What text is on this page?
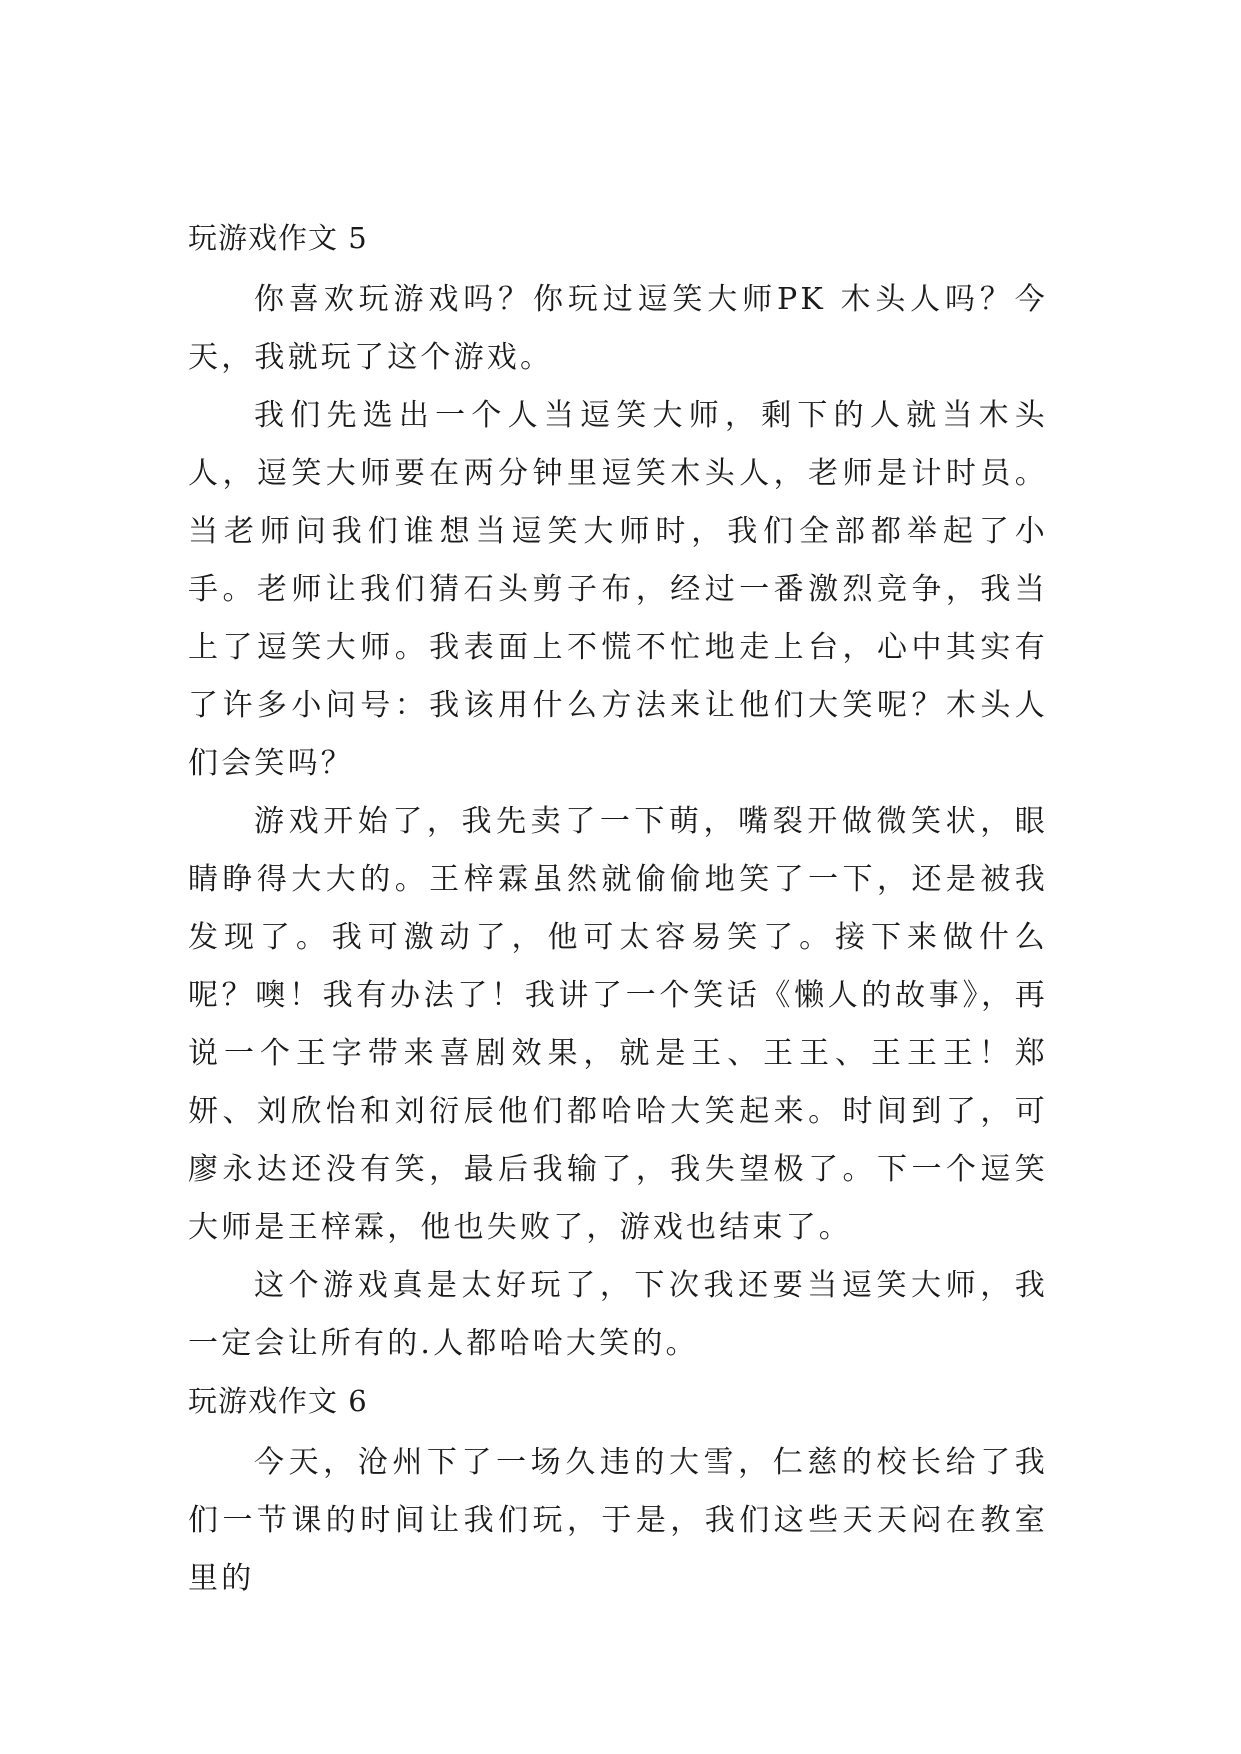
玩游戏作文 5

你喜欢玩游戏吗？你玩过逗笑大师PK 木头人吗？今天，我就玩了这个游戏。

我们先选出一个人当逗笑大师，剩下的人就当木头人，逗笑大师要在两分钟里逗笑木头人，老师是计时员。当老师问我们谁想当逗笑大师时，我们全部都举起了小手。老师让我们猜石头剪子布，经过一番激烈竞争，我当上了逗笑大师。我表面上不慌不忙地走上台，心中其实有了许多小问号：我该用什么方法来让他们大笑呢？木头人们会笑吗？

游戏开始了，我先卖了一下萌，嘴裂开做微笑状，眼睛睁得大大的。王梓霖虽然就偷偷地笑了一下，还是被我发现了。我可激动了，他可太容易笑了。接下来做什么呢？噢！我有办法了！我讲了一个笑话《懒人的故事》，再说一个王字带来喜剧效果，就是王、王王、王王王！郑妍、刘欣怡和刘衍辰他们都哈哈大笑起来。时间到了，可廖永达还没有笑，最后我输了，我失望极了。下一个逗笑大师是王梓霖，他也失败了，游戏也结束了。

这个游戏真是太好玩了，下次我还要当逗笑大师，我一定会让所有的.人都哈哈大笑的。

玩游戏作文 6

今天，沧州下了一场久违的大雪，仁慈的校长给了我们一节课的时间让我们玩，于是，我们这些天天闷在教室里的
